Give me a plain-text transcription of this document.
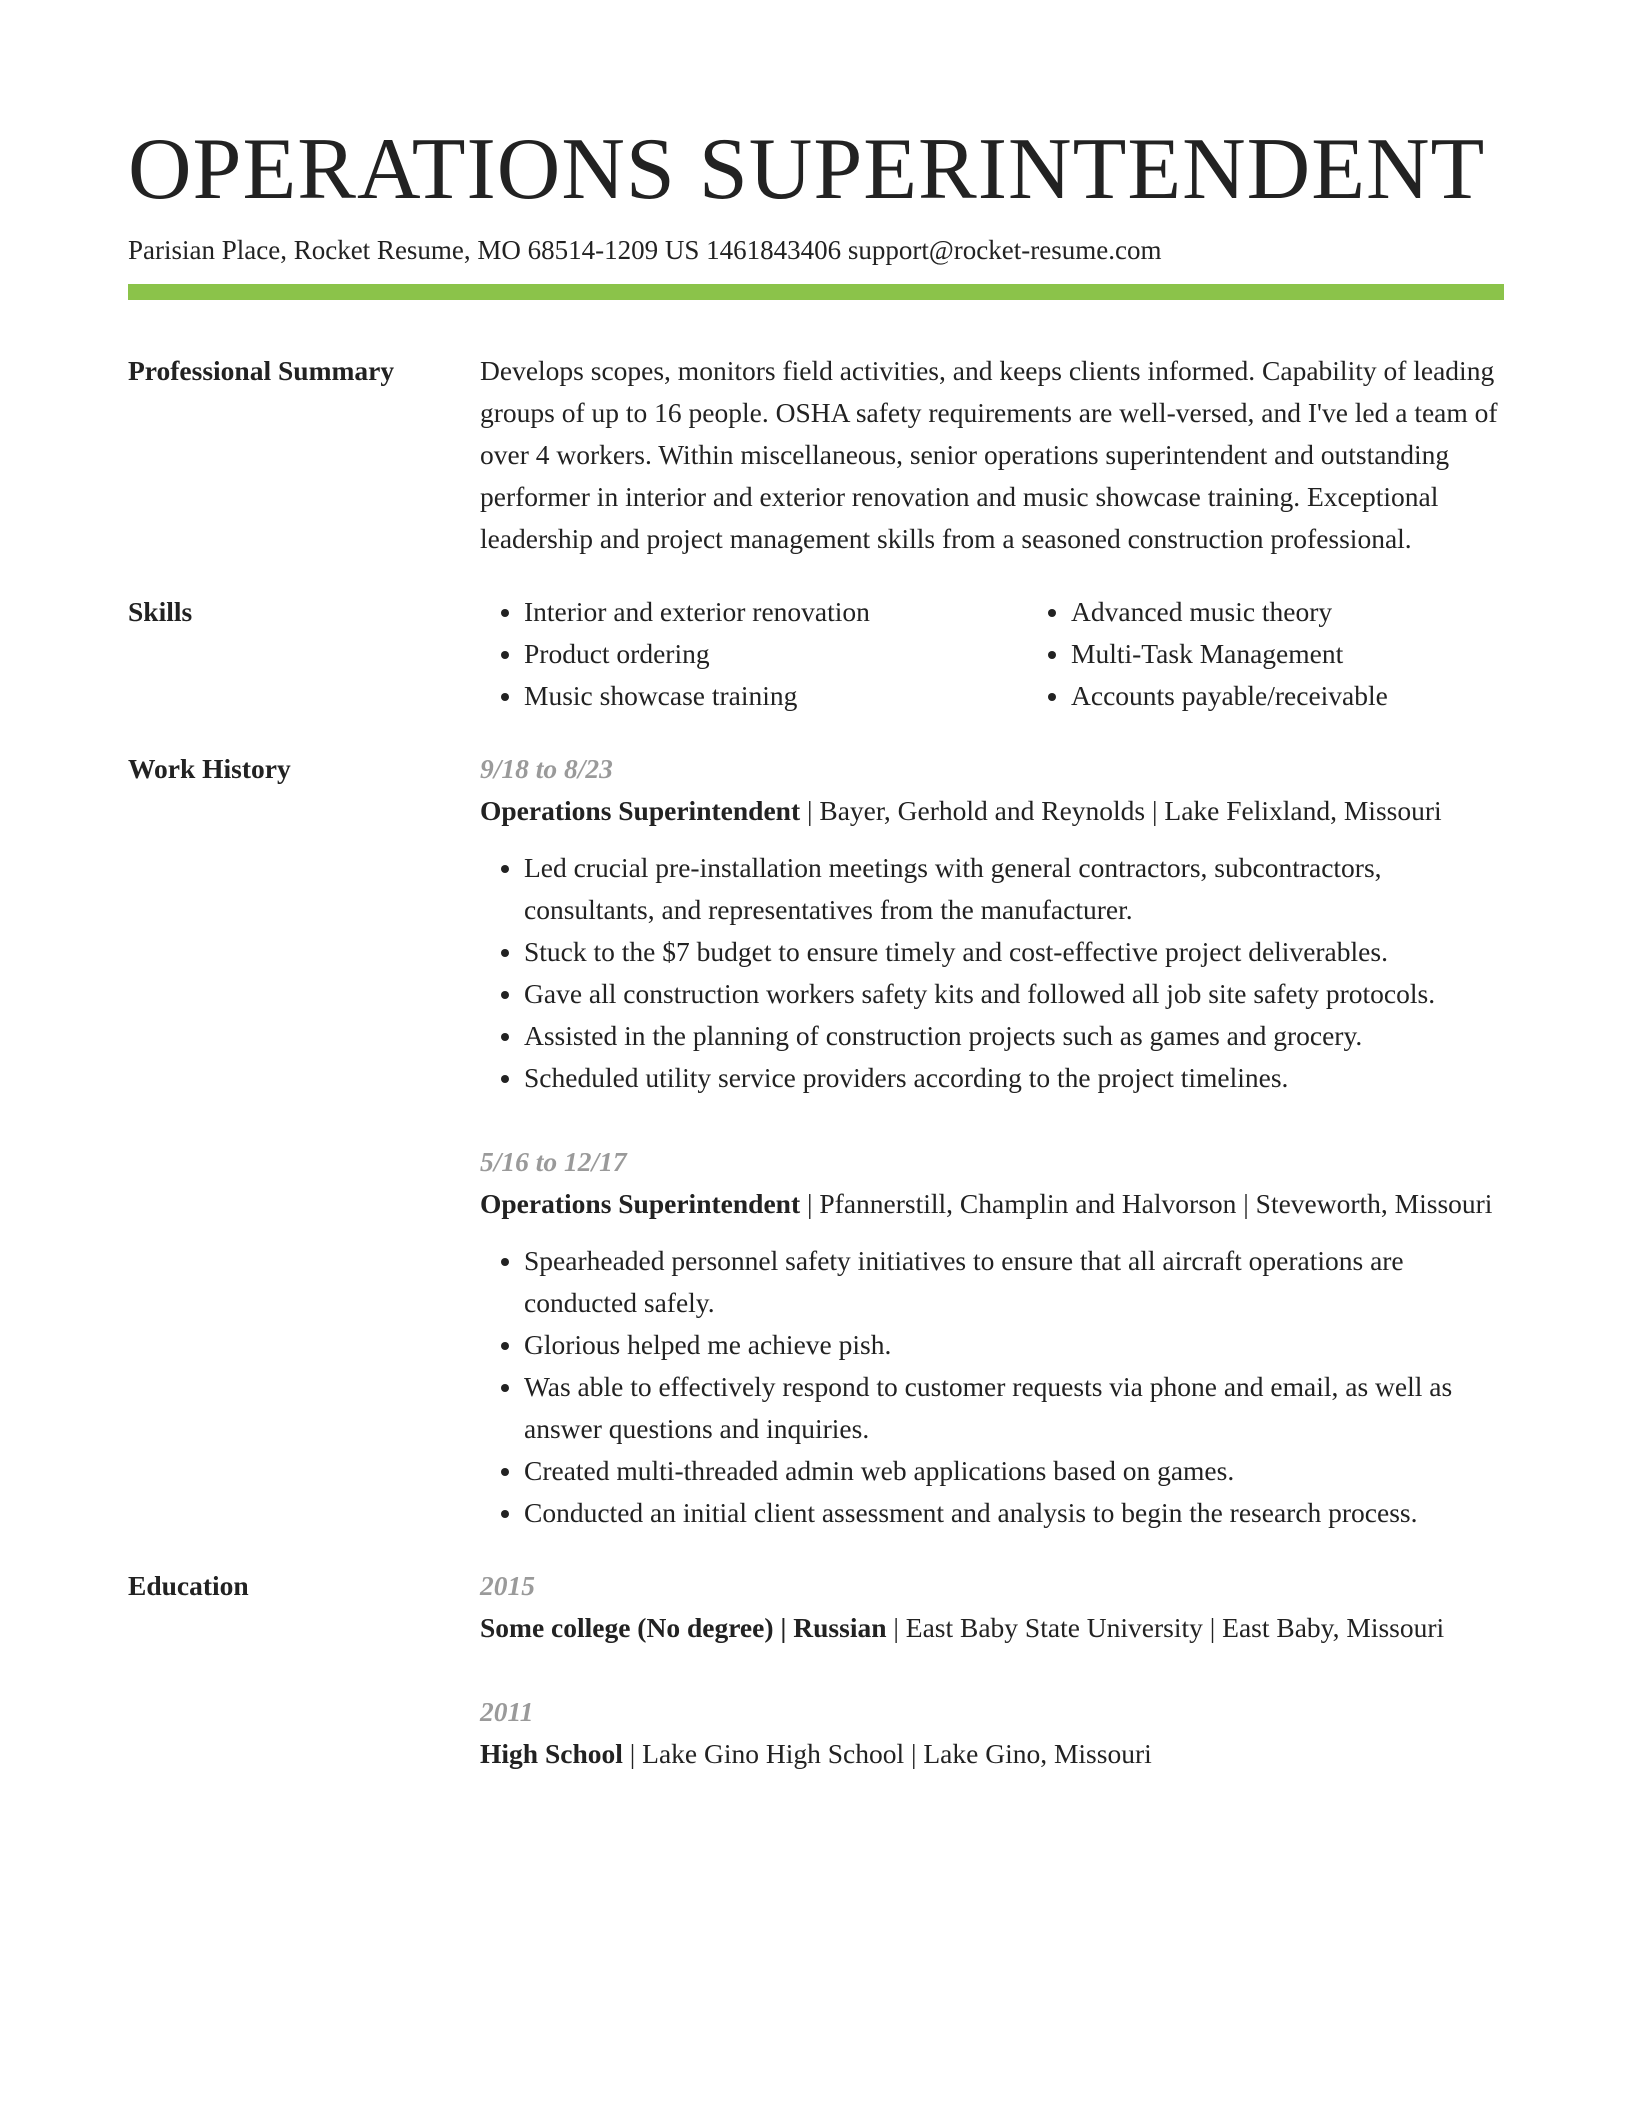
OPERATIONS SUPERINTENDENT
Parisian Place, Rocket Resume, MO 68514-1209 US 1461843406 support@rocket-resume.com
Professional Summary	Develops scopes, monitors field activities, and keeps clients informed. Capability of leading groups of up to 16 people. OSHA safety requirements are well-versed, and I've led a team of over 4 workers. Within miscellaneous, senior operations superintendent and outstanding performer in interior and exterior renovation and music showcase training. Exceptional leadership and project management skills from a seasoned construction professional.
Skills
•	Interior and exterior renovation
• Product ordering
• Music showcase training
• Advanced music theory
• Multi-Task Management
• Accounts payable/receivable
Work History	9/18 to 8/23
Operations Superintendent | Bayer, Gerhold and Reynolds | Lake Felixland, Missouri
• Led crucial pre-installation meetings with general contractors, subcontractors, consultants, and representatives from the manufacturer.
• Stuck to the $7 budget to ensure timely and cost-effective project deliverables.
• Gave all construction workers safety kits and followed all job site safety protocols.
• Assisted in the planning of construction projects such as games and grocery.
• Scheduled utility service providers according to the project timelines.
5/16 to 12/17
Operations Superintendent | Pfannerstill, Champlin and Halvorson | Steveworth, Missouri
• Spearheaded personnel safety initiatives to ensure that all aircraft operations are conducted safely.
• Glorious helped me achieve pish.
• Was able to effectively respond to customer requests via phone and email, as well as answer questions and inquiries.
• Created multi-threaded admin web applications based on games.
• Conducted an initial client assessment and analysis to begin the research process.
Education	2015
Some college (No degree) | Russian | East Baby State University | East Baby, Missouri
2011
High School | Lake Gino High School | Lake Gino, Missouri
